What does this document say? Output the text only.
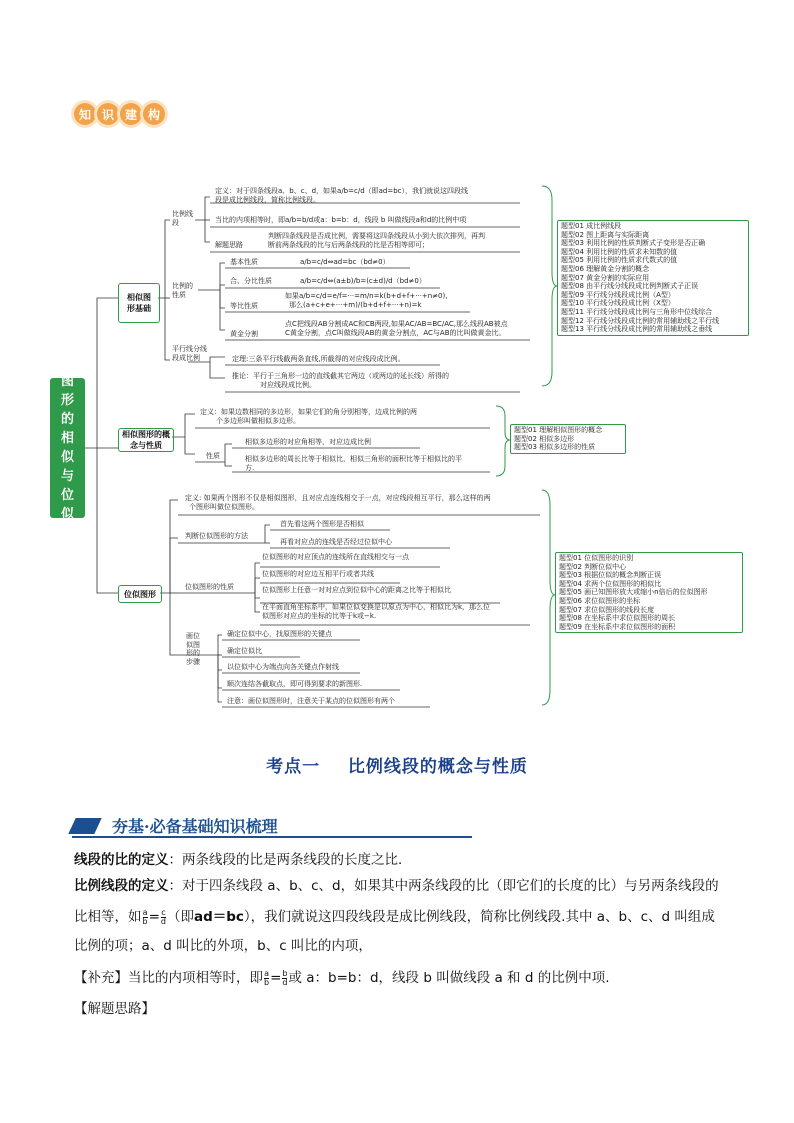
知 识 建 构
图形的相似与位似
相似图形基础
比例线段
定义：对于四条线段a、b、c、d，如果a/b=c/d（即ad=bc），我们就说这四段线
段是成比例线段，简称比例线段。
当比的内项相等时，即a/b=b/d或a：b=b：d，线段 b 叫做线段a和d的比例中项
解题思路
判断四条线段是否成比例，需要将这四条线段从小到大依次排列，再判
断前两条线段的比与后两条线段的比是否相等即可；
比例的性质
基本性质	a/b=c/d⇔ad=bc（bd≠0）
合、分比性质	a/b=c/d⇔(a±b)/b=(c±d)/d（bd≠0）
等比性质
如果a/b=c/d=e/f=···=m/n=k(b+d+f+···+n≠0),
那么(a+c+e+···+m)/(b+d+f+···+n)=k
黄金分割
点C把线段AB分割成AC和CB两段,如果AC/AB=BC/AC,那么线段AB被点
C黄金分割，点C叫做线段AB的黄金分割点，AC与AB的比叫做黄金比。
平行线分线段成比例	定理:三条平行线截两条直线,所截得的对应线段成比例。
推论：平行于三角形一边的直线截其它两边（或两边的延长线）所得的
对应线段成比例。
题型01 成比例线段
题型02 图上距离与实际距离
题型03 利用比例的性质判断式子变形是否正确
题型04 利用比例的性质求未知数的值
题型05 利用比例的性质求代数式的值
题型06 理解黄金分割的概念
题型07 黄金分割的实际应用
题型08 由平行线分线段成比例判断式子正误
题型09 平行线分线段成比例（A型）
题型10 平行线分线段成比例（X型）
题型11 平行线分线段成比例与三角形中位线综合
题型12 平行线分线段成比例的常用辅助线之平行线
题型13 平行线分线段成比例的常用辅助线之垂线
相似图形的概念与性质
定义：如果边数相同的多边形，如果它们的角分别相等，边成比例的两
个多边形叫做相似多边形。
性质
相似多边形的对应角相等，对应边成比例
相似多边形的周长比等于相似比，相似三角形的面积比等于相似比的平
方.
题型01 理解相似图形的概念
题型02 相似多边形
题型03 相似多边形的性质
位似图形
定义: 如果两个图形不仅是相似图形，且对应点连线相交于一点，对应线段相互平行，那么这样的两
个图形叫做位似图形。
判断位似图形的方法
首先看这两个图形是否相似
再看对应点的连线是否经过位似中心
位似图形的性质
位似图形的对应顶点的连线所在直线相交与一点
位似图形的对应边互相平行或者共线
位似图形上任意一对对应点到位似中心的距离之比等于相似比
在平面直角坐标系中，如果位似变换是以原点为中心，相似比为k，那么位
似图形对应点的坐标的比等于k或−k.
画位似图形的步骤
确定位似中心，找原图形的关键点
确定位似比
以位似中心为端点向各关键点作射线
顺次连结各截取点，即可得到要求的新图形.
注意：画位似图形时，注意关于某点的位似图形有两个
题型01 位似图形的识别
题型02 判断位似中心
题型03 根据位似的概念判断正误
题型04 求两个位似图形的相似比
题型05 画已知图形放大或缩小n倍后的位似图形
题型06 求位似图形的坐标
题型07 求位似图形的线段长度
题型08 在坐标系中求位似图形的周长
题型09 在坐标系中求位似图形的面积
考点一    比例线段的概念与性质
夯基·必备基础知识梳理
线段的比的定义：两条线段的比是两条线段的长度之比．
比例线段的定义：对于四条线段 a、b、c、d，如果其中两条线段的比（即它们的长度的比）与另两条线段的
比相等，如 $\frac{a}{b} = \frac{c}{d}$ （即ad＝bc），我们就说这四段线段是成比例线段，简称比例线段.其中 a、b、c、d 叫组成
比例的项；a、d 叫比的外项，b、c 叫比的内项，
【补充】当比的内项相等时，即 $\frac{a}{b} = \frac{b}{d}$ 或 a：b=b：d，线段 b 叫做线段 a 和 d 的比例中项.
【解题思路】
